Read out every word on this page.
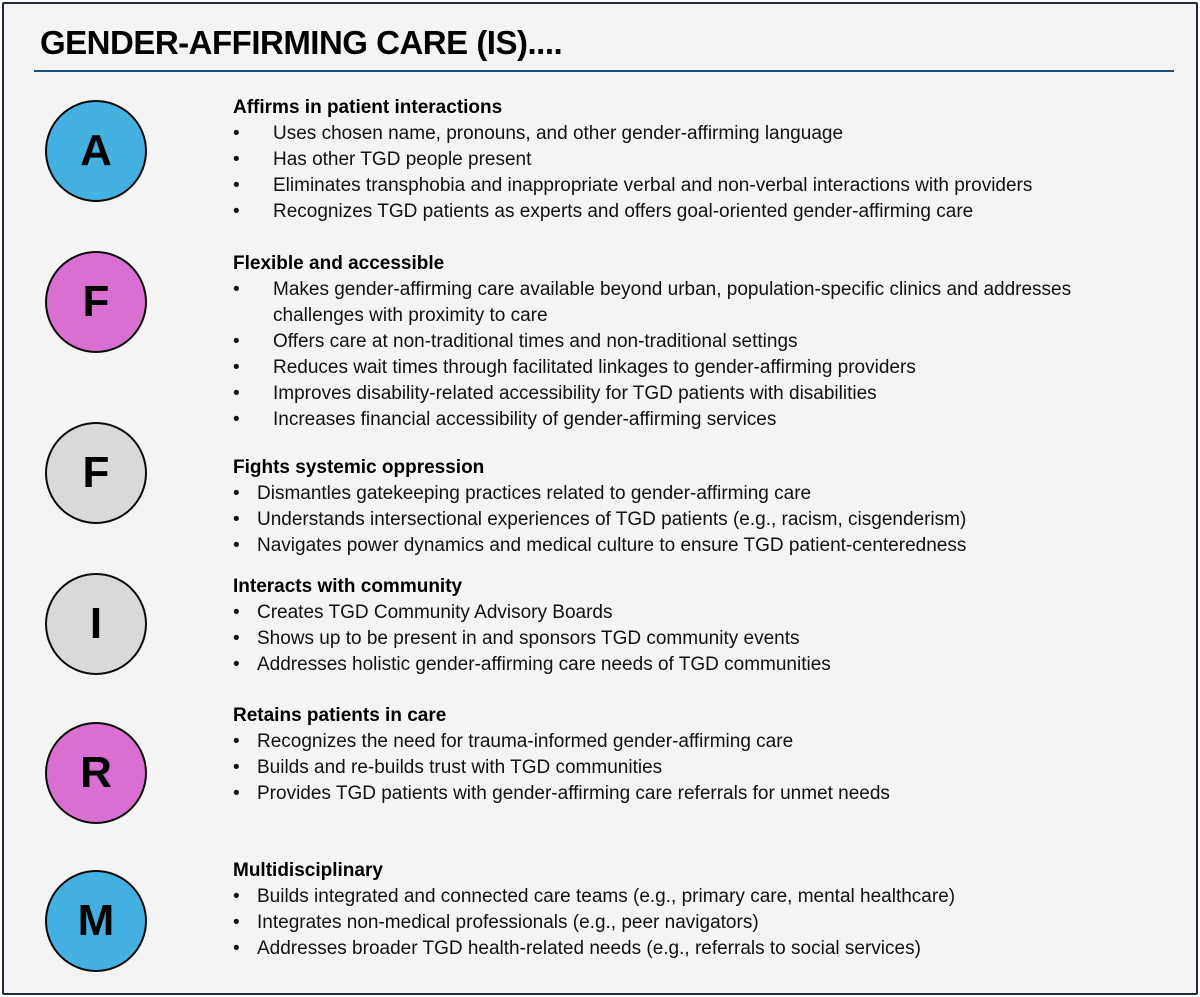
GENDER-AFFIRMING CARE (IS)....
A
Affirms in patient interactions
• Uses chosen name, pronouns, and other gender-affirming language
• Has other TGD people present
• Eliminates transphobia and inappropriate verbal and non-verbal interactions with providers
• Recognizes TGD patients as experts and offers goal-oriented gender-affirming care
F
Flexible and accessible
• Makes gender-affirming care available beyond urban, population-specific clinics and addresses challenges with proximity to care
• Offers care at non-traditional times and non-traditional settings
• Reduces wait times through facilitated linkages to gender-affirming providers
• Improves disability-related accessibility for TGD patients with disabilities
• Increases financial accessibility of gender-affirming services
F	Fights systemic oppression
• Dismantles gatekeeping practices related to gender-affirming care
• Understands intersectional experiences of TGD patients (e.g., racism, cisgenderism)
• Navigates power dynamics and medical culture to ensure TGD patient-centeredness
I
Interacts with community
• Creates TGD Community Advisory Boards
• Shows up to be present in and sponsors TGD community events
• Addresses holistic gender-affirming care needs of TGD communities
R
Retains patients in care
• Recognizes the need for trauma-informed gender-affirming care
• Builds and re-builds trust with TGD communities
• Provides TGD patients with gender-affirming care referrals for unmet needs
M
Multidisciplinary
• Builds integrated and connected care teams (e.g., primary care, mental healthcare)
• Integrates non-medical professionals (e.g., peer navigators)
• Addresses broader TGD health-related needs (e.g., referrals to social services)
